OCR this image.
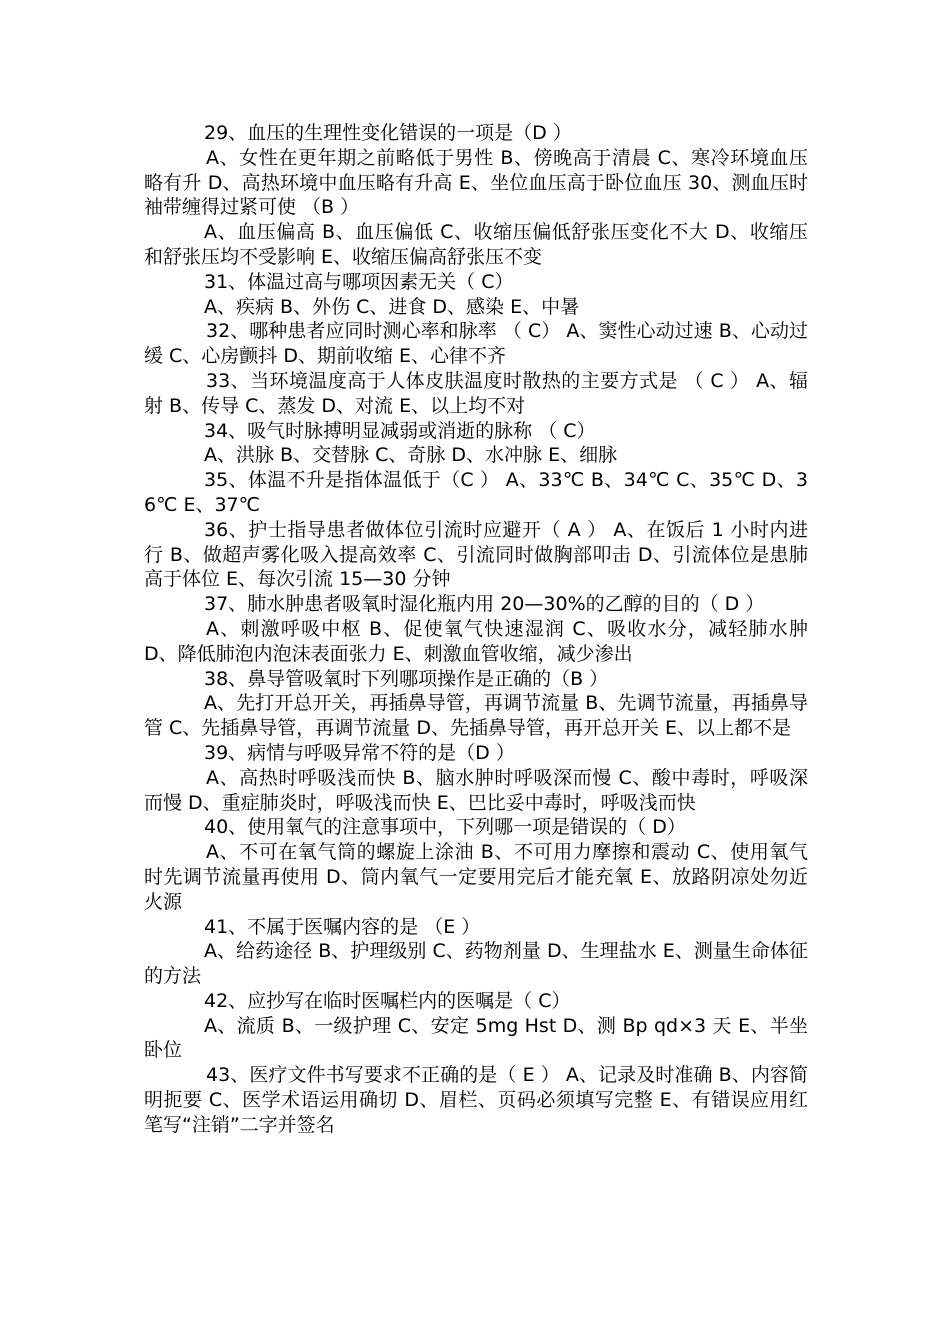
29、血压的生理性变化错误的一项是（D ）

A、女性在更年期之前略低于男性 B、傍晚高于清晨 C、寒冷环境血压略有升 D、高热环境中血压略有升高 E、坐位血压高于卧位血压 30、测血压时袖带缠得过紧可使 （B ）

A、血压偏高 B、血压偏低 C、收缩压偏低舒张压变化不大 D、收缩压和舒张压均不受影响 E、收缩压偏高舒张压不变

31、体温过高与哪项因素无关（ C）

A、疾病 B、外伤 C、进食 D、感染 E、中暑

32、哪种患者应同时测心率和脉率 （ C） A、窦性心动过速 B、心动过缓 C、心房颤抖 D、期前收缩 E、心律不齐

33、当环境温度高于人体皮肤温度时散热的主要方式是 （ C ） A、辐射 B、传导 C、蒸发 D、对流 E、以上均不对

34、吸气时脉搏明显减弱或消逝的脉称 （ C）

A、洪脉 B、交替脉 C、奇脉 D、水冲脉 E、细脉

35、体温不升是指体温低于（C ） A、33℃ B、34℃ C、35℃ D、36℃ E、37℃

36、护士指导患者做体位引流时应避开（ A ） A、在饭后 1 小时内进行 B、做超声雾化吸入提高效率 C、引流同时做胸部叩击 D、引流体位是患肺高于体位 E、每次引流 15—30 分钟

37、肺水肿患者吸氧时湿化瓶内用 20—30%的乙醇的目的（ D ）

A、刺激呼吸中枢 B、促使氧气快速湿润 C、吸收水分，减轻肺水肿 D、降低肺泡内泡沫表面张力 E、刺激血管收缩，减少渗出

38、鼻导管吸氧时下列哪项操作是正确的（B ）

A、先打开总开关，再插鼻导管，再调节流量 B、先调节流量，再插鼻导管 C、先插鼻导管，再调节流量 D、先插鼻导管，再开总开关 E、以上都不是

39、病情与呼吸异常不符的是（D ）

A、高热时呼吸浅而快 B、脑水肿时呼吸深而慢 C、酸中毒时，呼吸深而慢 D、重症肺炎时，呼吸浅而快 E、巴比妥中毒时，呼吸浅而快

40、使用氧气的注意事项中，下列哪一项是错误的（ D）

A、不可在氧气筒的螺旋上涂油 B、不可用力摩擦和震动 C、使用氧气时先调节流量再使用 D、筒内氧气一定要用完后才能充氧 E、放路阴凉处勿近火源

41、不属于医嘱内容的是 （E ）

A、给药途径 B、护理级别 C、药物剂量 D、生理盐水 E、测量生命体征的方法

42、应抄写在临时医嘱栏内的医嘱是（ C）

A、流质 B、一级护理 C、安定 5mg Hst D、测 Bp qd×3 天 E、半坐卧位

43、医疗文件书写要求不正确的是（ E ） A、记录及时准确 B、内容简明扼要 C、医学术语运用确切 D、眉栏、页码必须填写完整 E、有错误应用红笔写“注销”二字并签名
